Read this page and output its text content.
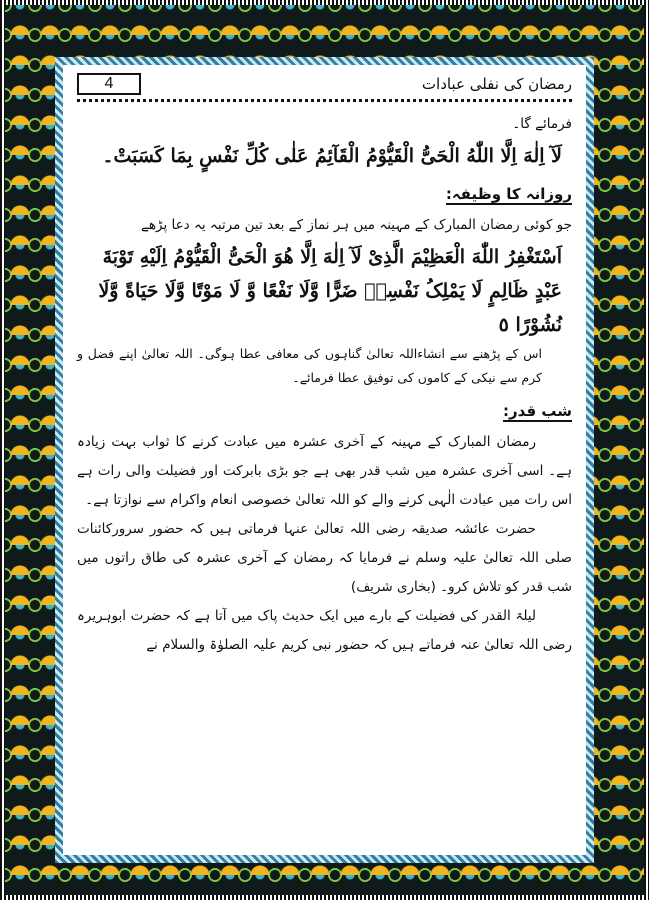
رمضان کی نفلی عبادات
4

فرمائے گا۔

لَآ اِلٰهَ اِلَّا اللّٰهُ الْحَیُّ الْقَیُّوْمُ الْقَآئِمُ عَلٰی کُلِّ نَفْسٍ بِمَا کَسَبَتْ۔

روزانہ کا وظیفہ:

جو کوئی رمضان المبارک کے مہینہ میں ہر نماز کے بعد تین مرتبہ یہ دعا پڑھے

اَسْتَغْفِرُ اللّٰهَ الْعَظِیْمَ الَّذِیْ لَآ اِلٰهَ اِلَّا هُوَ الْحَیُّ الْقَیُّوْمُ اِلَیْهِ تَوْبَةَ عَبْدٍ ظَالِمٍ لَا یَمْلِکُ نَفْسِهٖ ضَرًّا وَّلَا نَفْعًا وَّ لَا مَوْتًا وَّلَا حَیَاةً وَّلَا نُشُوْرًا ٥

اس کے پڑھنے سے انشاءاللہ تعالیٰ گناہوں کی معافی عطا ہوگی۔ اللہ تعالیٰ اپنے فضل و کرم سے نیکی کے کاموں کی توفیق عطا فرمائے۔

شب قدر:

رمضان المبارک کے مہینہ کے آخری عشرہ میں عبادت کرنے کا ثواب بہت زیادہ ہے۔ اسی آخری عشرہ میں شب قدر بھی ہے جو بڑی بابرکت اور فضیلت والی رات ہے اس رات میں عبادت الٰہی کرنے والے کو اللہ تعالیٰ خصوصی انعام واکرام سے نوازتا ہے۔

حضرت عائشہ صدیقہ رضی اللہ تعالیٰ عنہا فرماتی ہیں کہ حضور سرورکائنات صلی اللہ تعالیٰ علیہ وسلم نے فرمایا کہ رمضان کے آخری عشرہ کی طاق راتوں میں شب قدر کو تلاش کرو۔ (بخاری شریف)

لیلۃ القدر کی فضیلت کے بارے میں ایک حدیث پاک میں آتا ہے کہ حضرت ابوہریرہ رضی اللہ تعالیٰ عنہ فرماتے ہیں کہ حضور نبی کریم علیہ الصلوٰۃ والسلام نے
